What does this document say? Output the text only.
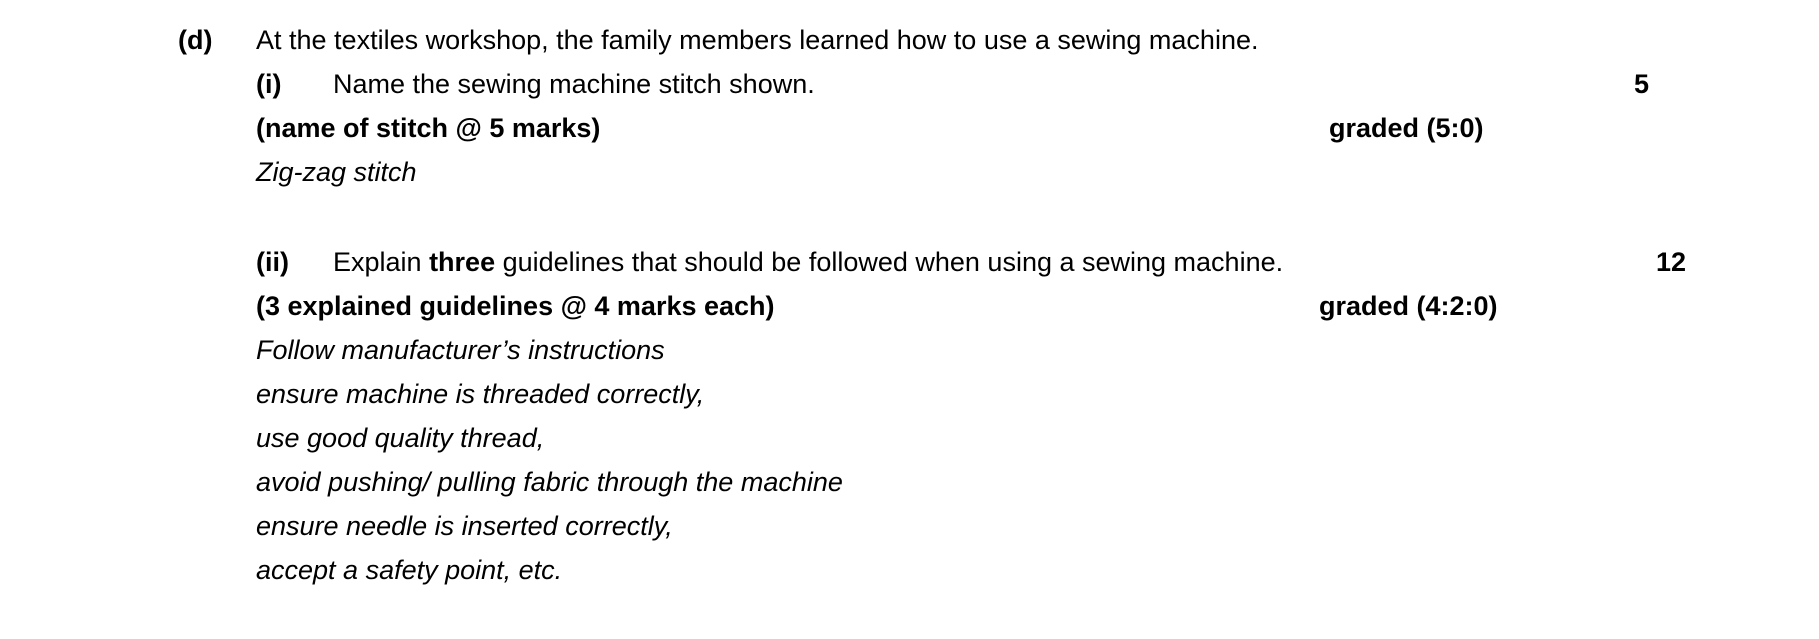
(d) At the textiles workshop, the family members learned how to use a sewing machine.
(i) Name the sewing machine stitch shown.	5
(name of stitch @ 5 marks)	graded (5:0)
Zig-zag stitch
(ii) Explain three guidelines that should be followed when using a sewing machine.	12
(3 explained guidelines @ 4 marks each)	graded (4:2:0)
Follow manufacturer’s instructions
ensure machine is threaded correctly,
use good quality thread,
avoid pushing/ pulling fabric through the machine
ensure needle is inserted correctly,
accept a safety point, etc.
